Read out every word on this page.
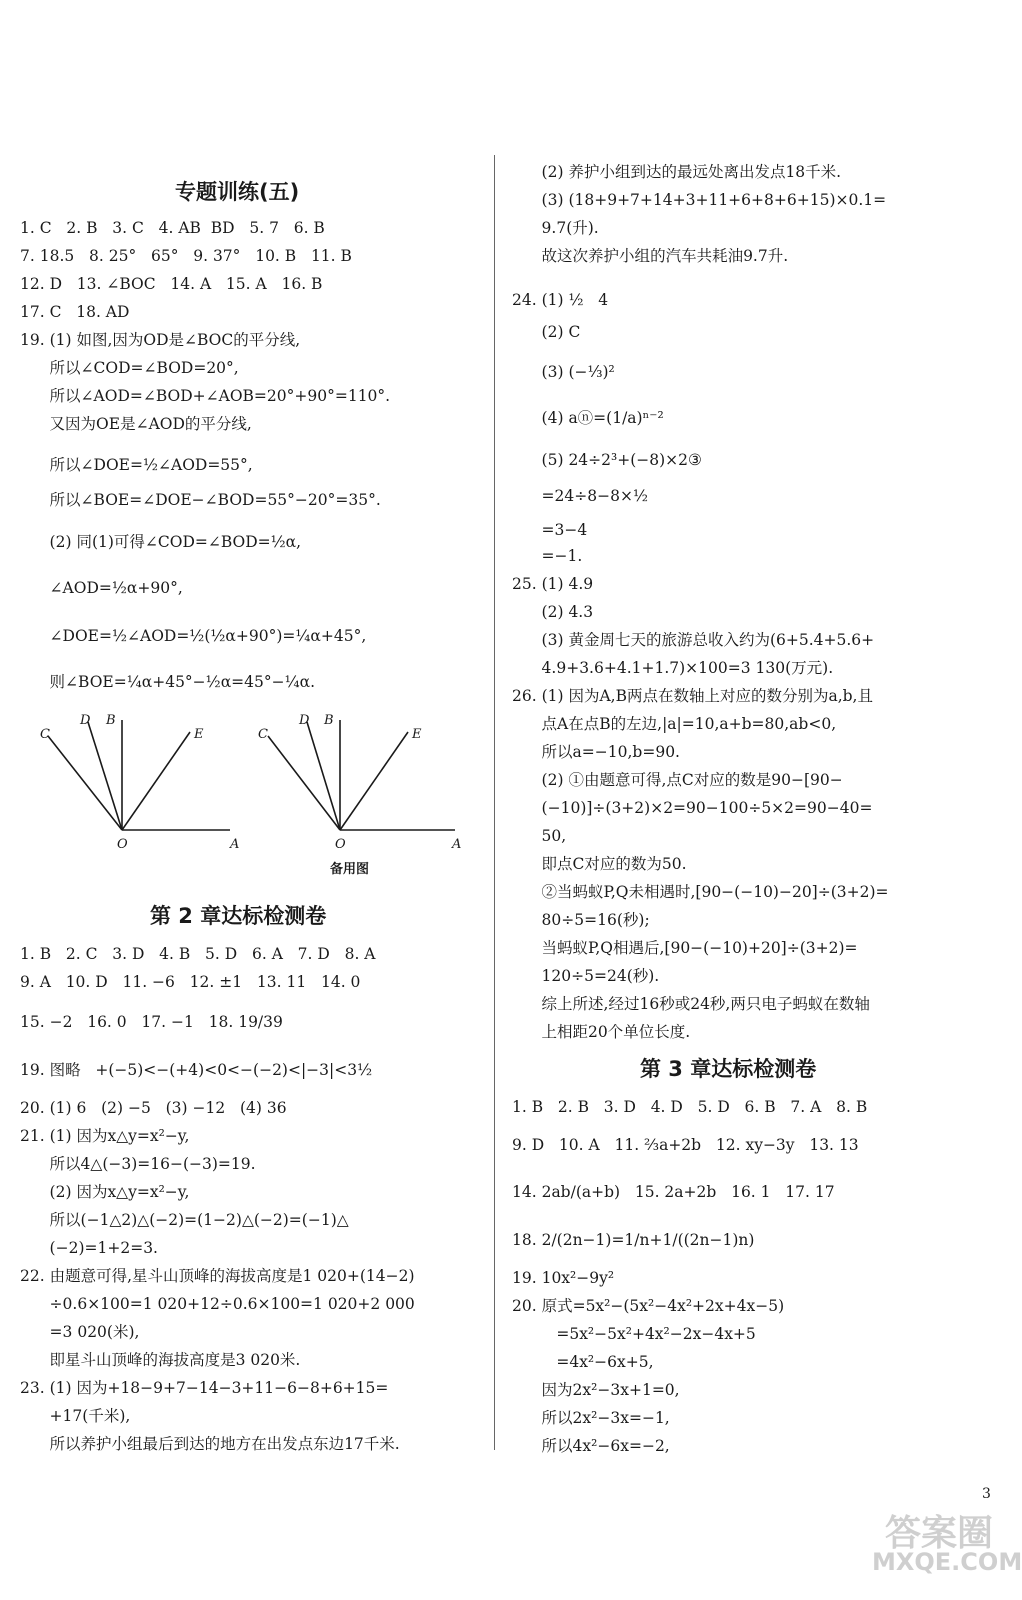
专题训练(五)
1. C   2. B   3. C   4. AB  BD   5. 7   6. B
7. 18.5   8. 25°   65°   9. 37°   10. B   11. B
12. D   13. ∠BOC   14. A   15. A   16. B
17. C   18. AD
19. (1) 如图,因为OD是∠BOC的平分线,
所以∠COD=∠BOD=20°,
所以∠AOD=∠BOD+∠AOB=20°+90°=110°.
又因为OE是∠AOD的平分线,
所以∠DOE=½∠AOD=55°,
所以∠BOE=∠DOE−∠BOD=55°−20°=35°.
(2) 同(1)可得∠COD=∠BOD=½α,
∠AOD=½α+90°,
∠DOE=½∠AOD=½(½α+90°)=¼α+45°,
则∠BOE=¼α+45°−½α=45°−¼α.
C
D B
E
O	A
C
D B
E
O	A
备用图
第 2 章达标检测卷
1. B   2. C   3. D   4. B   5. D   6. A   7. D   8. A
9. A   10. D   11. −6   12. ±1   13. 11   14. 0
15. −2   16. 0   17. −1   18. 19/39
19. 图略   +(−5)<−(+4)<0<−(−2)<|−3|<3½
20. (1) 6   (2) −5   (3) −12   (4) 36
21. (1) 因为x△y=x²−y,
所以4△(−3)=16−(−3)=19.
(2) 因为x△y=x²−y,
所以(−1△2)△(−2)=(1−2)△(−2)=(−1)△
(−2)=1+2=3.
22. 由题意可得,星斗山顶峰的海拔高度是1 020+(14−2)
÷0.6×100=1 020+12÷0.6×100=1 020+2 000
=3 020(米),
即星斗山顶峰的海拔高度是3 020米.
23. (1) 因为+18−9+7−14−3+11−6−8+6+15=
+17(千米),
所以养护小组最后到达的地方在出发点东边17千米.
(2) 养护小组到达的最远处离出发点18千米.
(3) (18+9+7+14+3+11+6+8+6+15)×0.1=
9.7(升).
故这次养护小组的汽车共耗油9.7升.
24. (1) ½   4
(2) C
(3) (−⅓)²
(4) aⓝ=(1/a)ⁿ⁻²
(5) 24÷2³+(−8)×2③
=24÷8−8×½
=3−4
=−1.
25. (1) 4.9
(2) 4.3
(3) 黄金周七天的旅游总收入约为(6+5.4+5.6+
4.9+3.6+4.1+1.7)×100=3 130(万元).
26. (1) 因为A,B两点在数轴上对应的数分别为a,b,且
点A在点B的左边,|a|=10,a+b=80,ab<0,
所以a=−10,b=90.
(2) ①由题意可得,点C对应的数是90−[90−
(−10)]÷(3+2)×2=90−100÷5×2=90−40=
50,
即点C对应的数为50.
②当蚂蚁P,Q未相遇时,[90−(−10)−20]÷(3+2)=
80÷5=16(秒);
当蚂蚁P,Q相遇后,[90−(−10)+20]÷(3+2)=
120÷5=24(秒).
综上所述,经过16秒或24秒,两只电子蚂蚁在数轴
上相距20个单位长度.
第 3 章达标检测卷
1. B   2. B   3. D   4. D   5. D   6. B   7. A   8. B
9. D   10. A   11. ⅔a+2b   12. xy−3y   13. 13
14. 2ab/(a+b)   15. 2a+2b   16. 1   17. 17
18. 2/(2n−1)=1/n+1/((2n−1)n)
19. 10x²−9y²
20. 原式=5x²−(5x²−4x²+2x+4x−5)
=5x²−5x²+4x²−2x−4x+5
=4x²−6x+5,
因为2x²−3x+1=0,
所以2x²−3x=−1,
所以4x²−6x=−2,
3
答案圈
MXQE.COM
